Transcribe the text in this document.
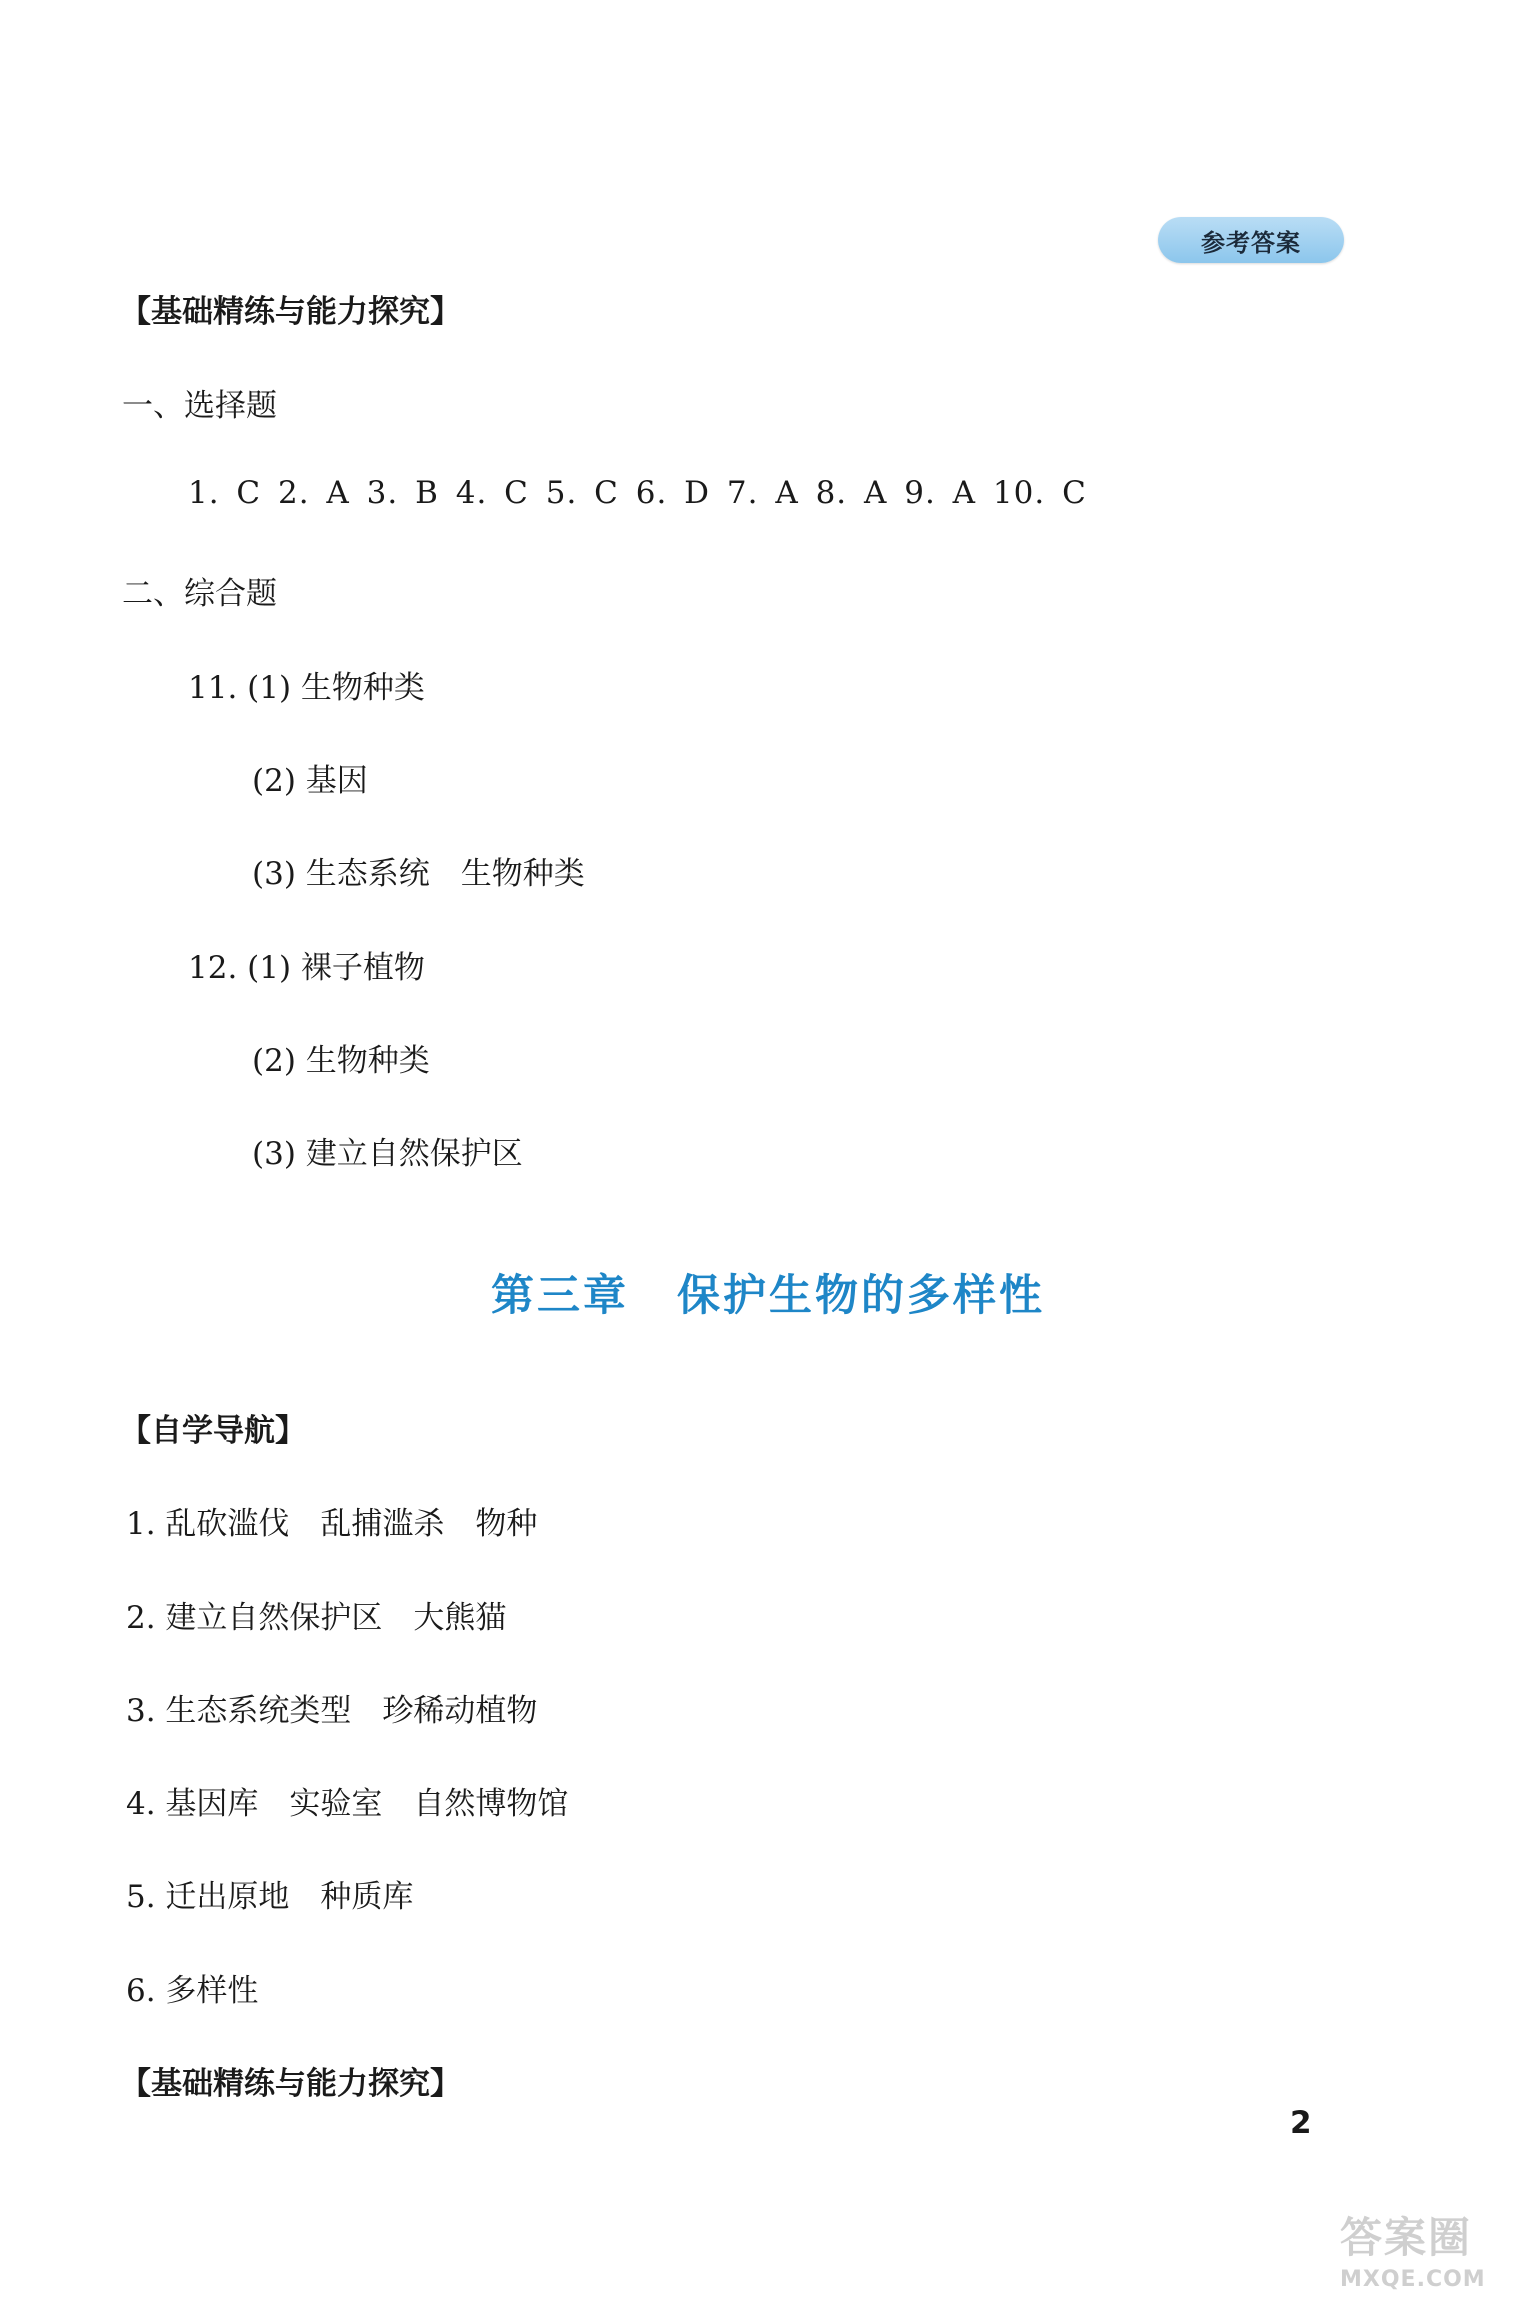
参考答案
【基础精练与能力探究】
一、选择题
1. C 2. A 3. B 4. C 5. C 6. D 7. A 8. A 9. A 10. C
二、综合题
11. (1) 生物种类
(2) 基因
(3) 生态系统　生物种类
12. (1) 裸子植物
(2) 生物种类
(3) 建立自然保护区
第三章 保护生物的多样性
【自学导航】
1. 乱砍滥伐　乱捕滥杀　物种
2. 建立自然保护区　大熊猫
3. 生态系统类型　珍稀动植物
4. 基因库　实验室　自然博物馆
5. 迁出原地　种质库
6. 多样性
【基础精练与能力探究】
2
答案圈
MXQE.COM
